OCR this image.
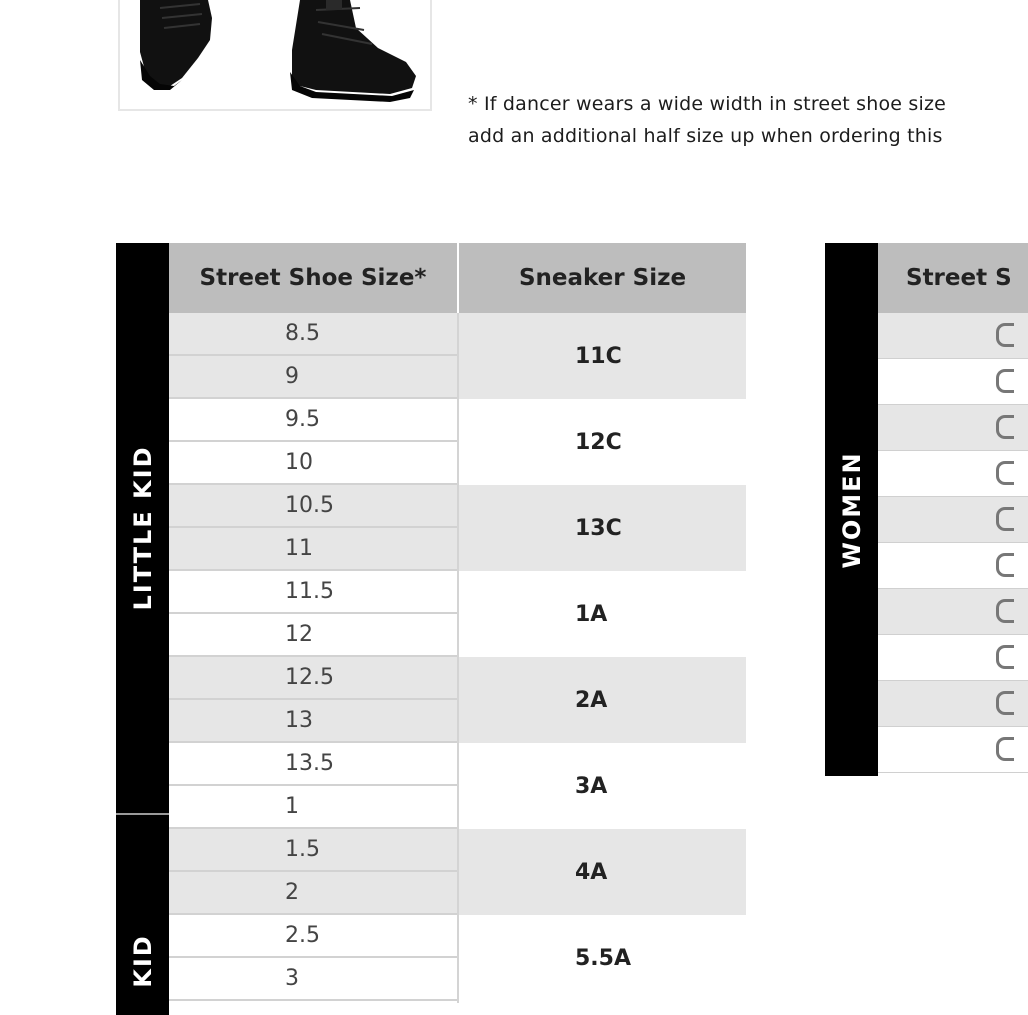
* If dancer wears a wide width in street shoe size
add an additional half size up when ordering this
LITTLE KID
KID
Street Shoe Size*	Sneaker Size
8.5
9
9.5
10
10.5
11
11.5
12
12.5
13
13.5
1
1.5
2
2.5
3
11C
12C
13C
1A
2A
3A
4A
5.5A
WOMEN
Street S
